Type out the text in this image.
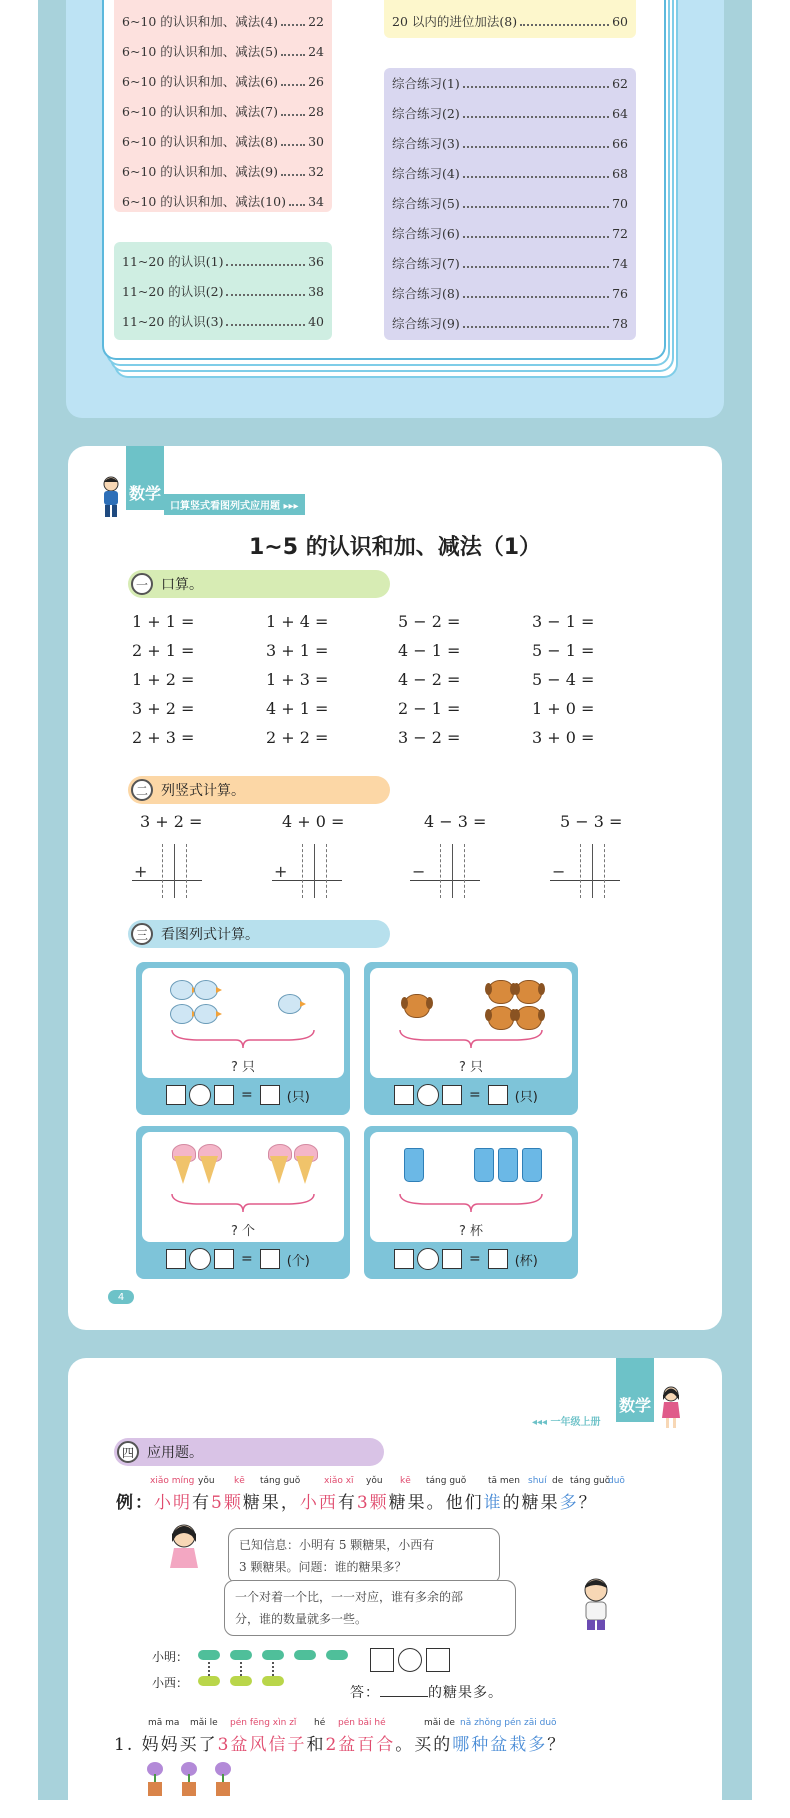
6~10 的认识和加、减法(4) 22
6~10 的认识和加、减法(5) 24
6~10 的认识和加、减法(6) 26
6~10 的认识和加、减法(7) 28
6~10 的认识和加、减法(8) 30
6~10 的认识和加、减法(9) 32
6~10 的认识和加、减法(10) 34
11~20 的认识(1)	36
11~20 的认识(2)	38
11~20 的认识(3)	40
20 以内的进位加法(8)	60
综合练习(1)	62
综合练习(2)	64
综合练习(3)	66
综合练习(4)	68
综合练习(5)	70
综合练习(6)	72
综合练习(7)	74
综合练习(8)	76
综合练习(9)	78
数学
口算竖式看图列式应用题 ▸▸▸
1~5 的认识和加、减法（1）
一 口算。
1 + 1 =	1 + 4 =	5 − 2 =	3 − 1 =
2 + 1 =	3 + 1 =	4 − 1 =	5 − 1 =
1 + 2 =	1 + 3 =	4 − 2 =	5 − 4 =
3 + 2 =	4 + 1 =	2 − 1 =	1 + 0 =
2 + 3 =	2 + 2 =	3 − 2 =	3 + 0 =
二 列竖式计算。
3 + 2 =	4 + 0 =	4 − 3 =	5 − 3 =
+	+	−	−
三 看图列式计算。
? 只
=	(只)
? 只
=	(只)
? 个
=	(个)
? 杯
=	(杯)
4
◂◂◂ 一年级上册
数学
四 应用题。
xiǎo míng yǒu kē táng guǒ	xiǎo xī yǒu kē táng guǒ tā men shuí de táng guǒ
duō
例：小明有5颗糖果，小西有3颗糖果。他们谁的糖果多？
已知信息：小明有 5 颗糖果，小西有
3 颗糖果。问题：谁的糖果多？
一个对着一个比，一一对应，谁有多余的部
分，谁的数量就多一些。
小明：
小西：
答：	的糖果多。
mā ma mǎi le pén fēng xìn zǐ hé pén bǎi hé	mǎi de nǎ zhǒng pén zāi duō
1. 妈妈买了3盆风信子和2盆百合。买的哪种盆栽多？
